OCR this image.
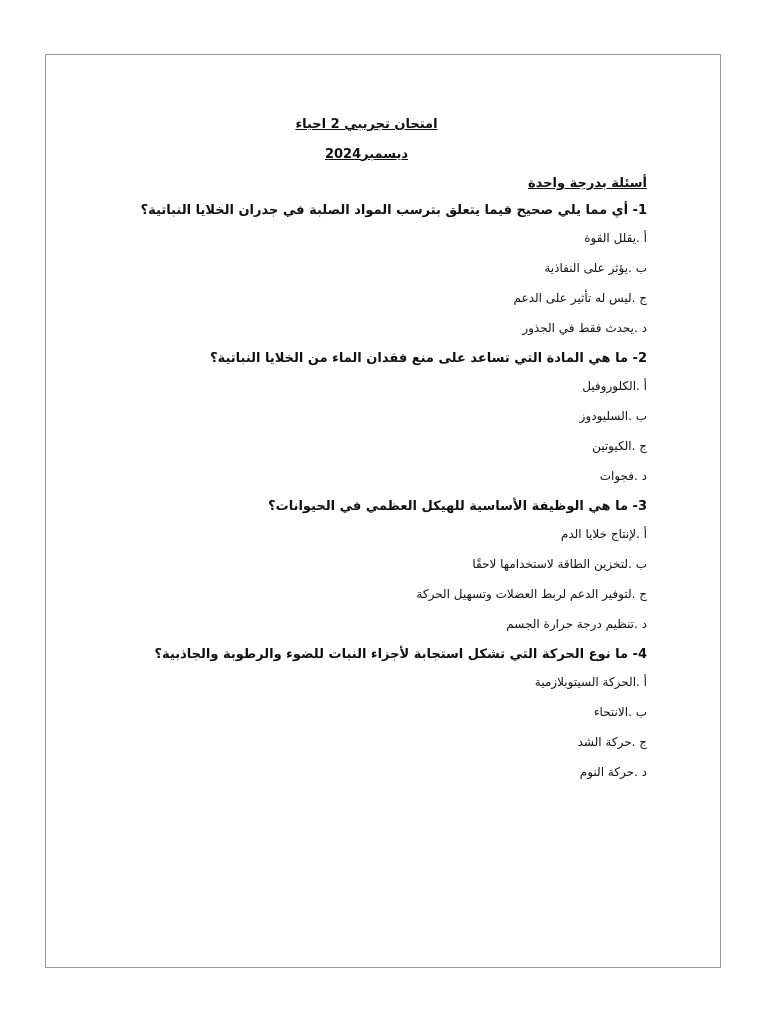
امتحان تجريبي 2 احياء
ديسمبر2024
أسئلة بدرجة واحدة
1- أي مما يلي صحيح فيما يتعلق بترسب المواد الصلبة في جدران الخلايا النباتية؟
أ .يقلل القوة
ب .يؤثر على النفاذية
ج .ليس له تأثير على الدعم
د .يحدث فقط في الجذور
2- ما هي المادة التي تساعد على منع فقدان الماء من الخلايا النباتية؟
أ .الكلوروفيل
ب .السليودوز
ج .الكيوتين
د .فجوات
3- ما هي الوظيفة الأساسية للهيكل العظمي في الحيوانات؟
أ .لإنتاج خلايا الدم
ب .لتخزين الطاقة لاستخدامها لاحقًا
ج .لتوفير الدعم لربط العضلات وتسهيل الحركة
د .تنظيم درجة حرارة الجسم
4- ما نوع الحركة التي تشكل استجابة لأجزاء النبات للضوء والرطوبة والجاذبية؟
أ .الحركة السيتوبلازمية
ب .الانتحاء
ج .حركة الشد
د .حركة النوم
